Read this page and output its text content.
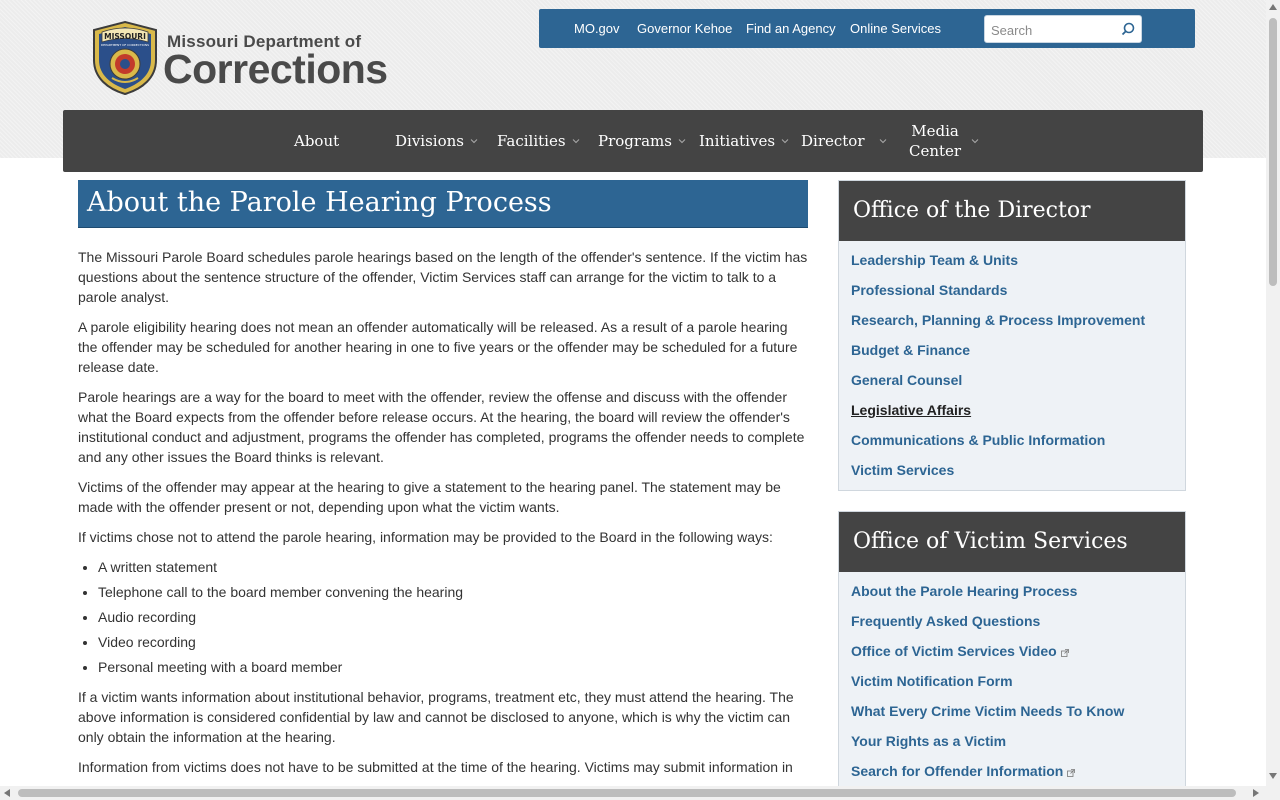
MISSOURI
DEPARTMENT OF CORRECTIONS Missouri Department of
Corrections
MO.gov Governor Kehoe Find an Agency Online Services
Search
About	Divisions Facilities Programs Initiatives Director
Media
Center
About the Parole Hearing Process

The Missouri Parole Board schedules parole hearings based on the length of the offender's sentence. If the victim has questions about the sentence structure of the offender, Victim Services staff can arrange for the victim to talk to a parole analyst.

A parole eligibility hearing does not mean an offender automatically will be released. As a result of a parole hearing the offender may be scheduled for another hearing in one to five years or the offender may be scheduled for a future release date.

Parole hearings are a way for the board to meet with the offender, review the offense and discuss with the offender what the Board expects from the offender before release occurs. At the hearing, the board will review the offender's institutional conduct and adjustment, programs the offender has completed, programs the offender needs to complete and any other issues the Board thinks is relevant.

Victims of the offender may appear at the hearing to give a statement to the hearing panel. The statement may be made with the offender present or not, depending upon what the victim wants.

If victims chose not to attend the parole hearing, information may be provided to the Board in the following ways:

• A written statement
• Telephone call to the board member convening the hearing
• Audio recording
• Video recording
• Personal meeting with a board member

If a victim wants information about institutional behavior, programs, treatment etc, they must attend the hearing. The above information is considered confidential by law and cannot be disclosed to anyone, which is why the victim can only obtain the information at the hearing.

Information from victims does not have to be submitted at the time of the hearing. Victims may submit information in

Office of the Director
Leadership Team & Units
Professional Standards
Research, Planning & Process Improvement
Budget & Finance
General Counsel
Legislative Affairs
Communications & Public Information
Victim Services
Office of Victim Services
About the Parole Hearing Process
Frequently Asked Questions
Office of Victim Services Video
Victim Notification Form
What Every Crime Victim Needs To Know
Your Rights as a Victim
Search for Offender Information
